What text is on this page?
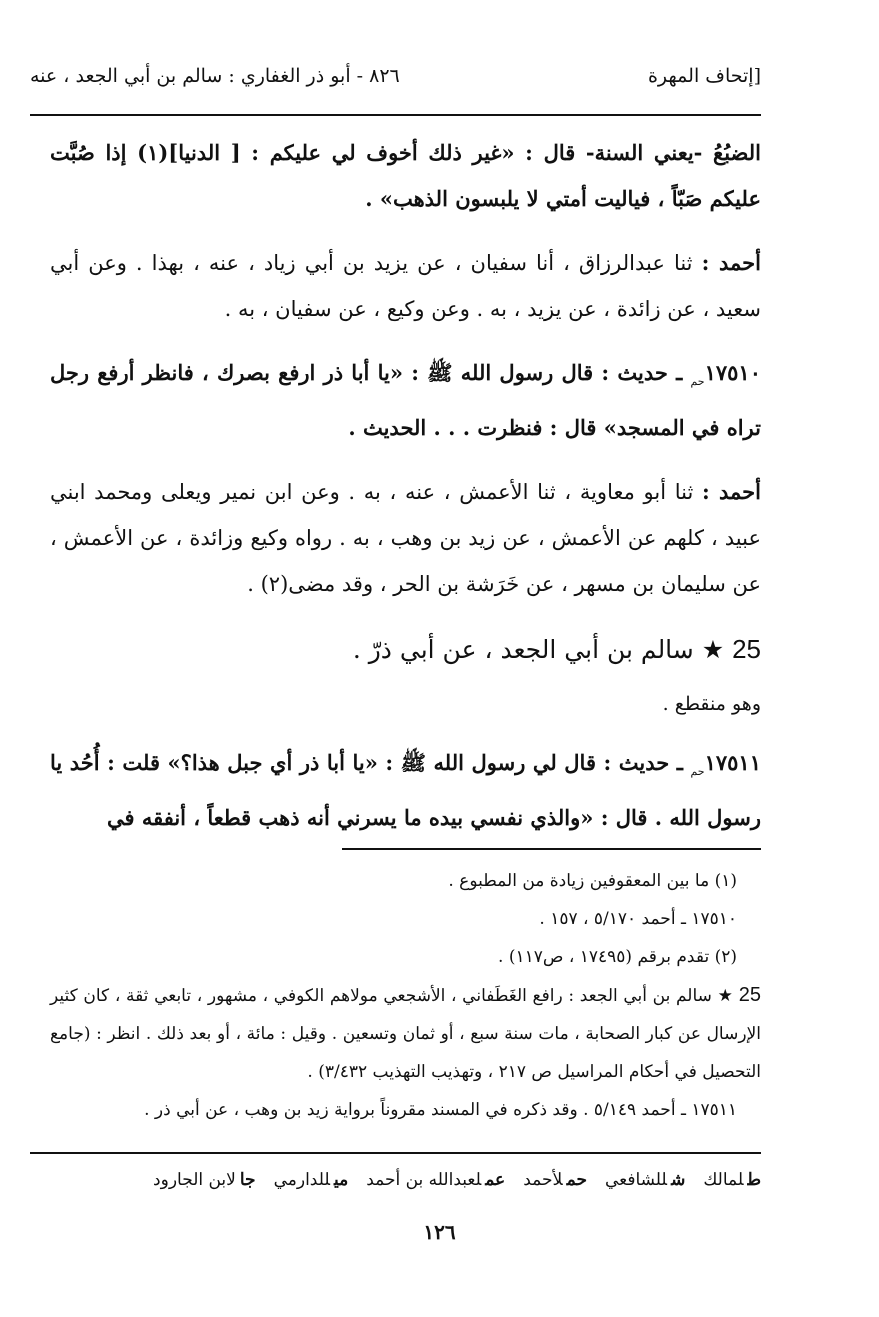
٨٢٦ - أبو ذر الغفاري : سالم بن أبي الجعد ، عنه	[إتحاف المهرة

الضبُعُ -يعني السنة- قال : «غير ذلك أخوف لي عليكم : [ الدنيا](١) إذا صُبَّت عليكم صَبّاً ، فياليت أمتي لا يلبسون الذهب» .

أحمد : ثنا عبدالرزاق ، أنا سفيان ، عن يزيد بن أبي زياد ، عنه ، بهذا . وعن أبي سعيد ، عن زائدة ، عن يزيد ، به . وعن وكيع ، عن سفيان ، به .

$١٧٥١٠_{حم}$ ـ حديث : قال رسول الله ﷺ : «يا أبا ذر ارفع بصرك ، فانظر أرفع رجل تراه في المسجد» قال : فنظرت . . . الحديث .

أحمد : ثنا أبو معاوية ، ثنا الأعمش ، عنه ، به . وعن ابن نمير ويعلى ومحمد ابني عبيد ، كلهم عن الأعمش ، عن زيد بن وهب ، به . رواه وكيع وزائدة ، عن الأعمش ، عن سليمان بن مسهر ، عن خَرَشة بن الحر ، وقد مضى(٢) .

25 ★ سالم بن أبي الجعد ، عن أبي ذرّ .

وهو منقطع .

$١٧٥١١_{حم}$ ـ حديث : قال لي رسول الله ﷺ : «يا أبا ذر أي جبل هذا؟» قلت : أُحُد يا رسول الله . قال : «والذي نفسي بيده ما يسرني أنه ذهب قطعاً ، أنفقه في

(١) ما بين المعقوفين زيادة من المطبوع .

١٧٥١٠ ـ أحمد ٥/١٧٠ ، ١٥٧ .

(٢) تقدم برقم (١٧٤٩٥ ، ص١١٧) .

25 ★ سالم بن أبي الجعد : رافع الغَطَفاني ، الأشجعي مولاهم الكوفي ، مشهور ، تابعي ثقة ، كان كثير الإرسال عن كبار الصحابة ، مات سنة سبع ، أو ثمان وتسعين . وقيل : مائة ، أو بعد ذلك . انظر : (جامع التحصيل في أحكام المراسيل ص ٢١٧ ، وتهذيب التهذيب ٣/٤٣٢) .

١٧٥١١ ـ أحمد ٥/١٤٩ . وقد ذكره في المسند مقروناً برواية زيد بن وهب ، عن أبي ذر .

طلمالك
شللشافعي
حملأحمد
عملعبدالله بن أحمد
ميللدارمي
جالابن الجارود
١٢٦
